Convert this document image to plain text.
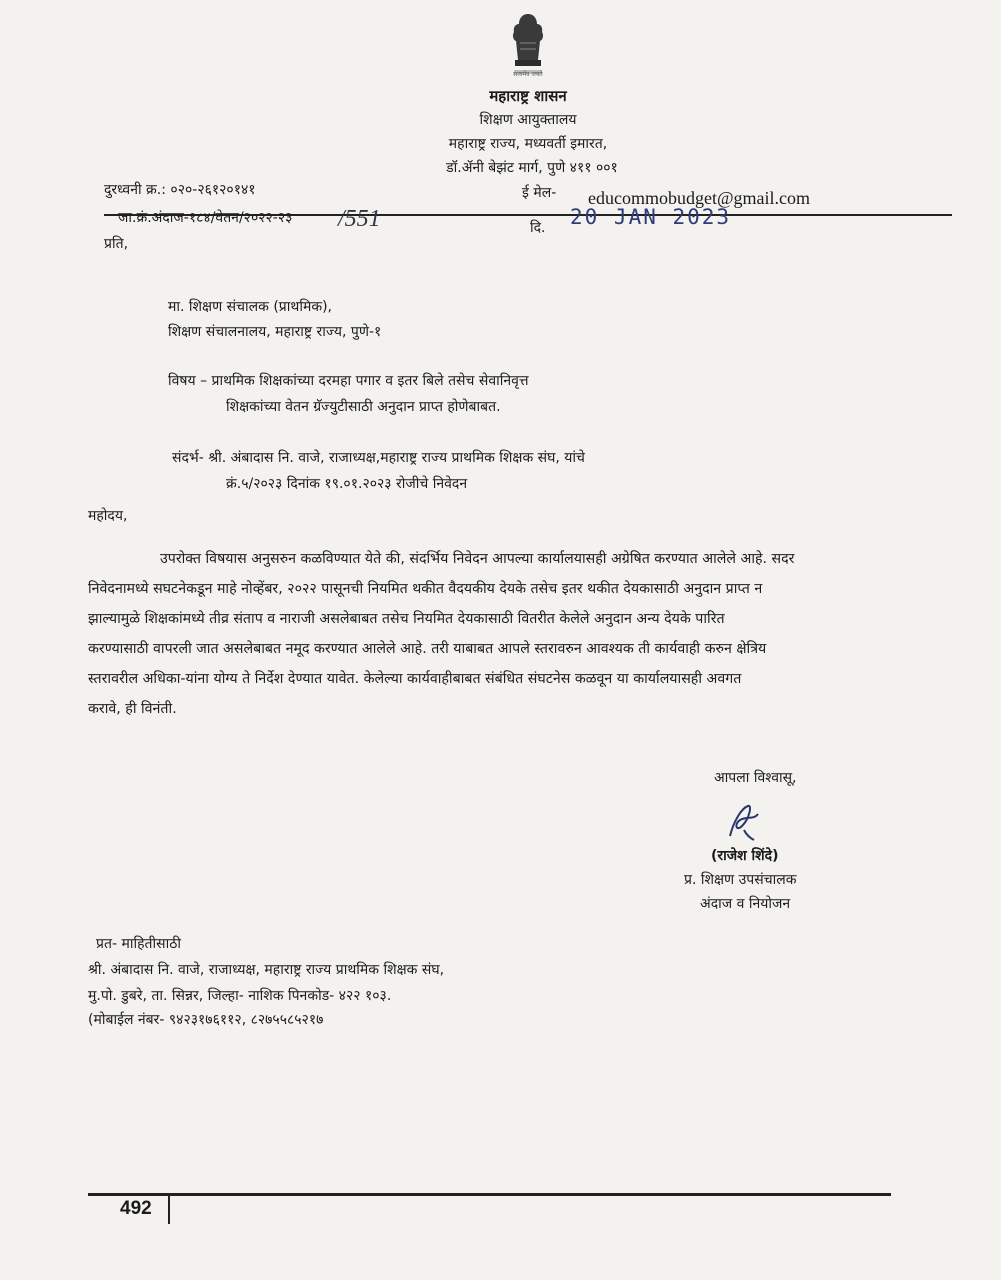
सत्यमेव जयते
महाराष्ट्र शासन
शिक्षण आयुक्तालय
महाराष्ट्र राज्य, मध्यवर्ती इमारत,
डॉ.ॲनी बेझंट मार्ग, पुणे ४११ ००१
दुरध्वनी क्र.: ०२०-२६१२०१४१	ई मेल- educommobudget@gmail.com
जा.क्रं.अंदाज-१८४/वेतन/२०२२-२३ /551	दि. 20 JAN 2023
प्रति,
मा. शिक्षण संचालक (प्राथमिक),
शिक्षण संचालनालय, महाराष्ट्र राज्य, पुणे-१
विषय – प्राथमिक शिक्षकांच्या दरमहा पगार व इतर बिले तसेच सेवानिवृत्त
शिक्षकांच्या वेतन ग्रॅज्युटीसाठी अनुदान प्राप्त होणेबाबत.
संदर्भ- श्री. अंबादास नि. वाजे, राजाध्यक्ष,महाराष्ट्र राज्य प्राथमिक शिक्षक संघ, यांचे
क्रं.५/२०२३ दिनांक १९.०१.२०२३ रोजीचे निवेदन
महोदय,
उपरोक्त विषयास अनुसरुन कळविण्यात येते की, संदर्भिय निवेदन आपल्या कार्यालयासही अग्रेषित करण्यात आलेले आहे. सदर
निवेदनामध्ये सघटनेकडून माहे नोव्हेंबर, २०२२ पासूनची नियमित थकीत वैदयकीय देयके तसेच इतर थकीत देयकासाठी अनुदान प्राप्त न
झाल्यामुळे शिक्षकांमध्ये तीव्र संताप व नाराजी असलेबाबत तसेच नियमित देयकासाठी वितरीत केलेले अनुदान अन्य देयके पारित
करण्यासाठी वापरली जात असलेबाबत नमूद करण्यात आलेले आहे. तरी याबाबत आपले स्तरावरुन आवश्यक ती कार्यवाही करुन क्षेत्रिय
स्तरावरील अधिका-यांना योग्य ते निर्देश देण्यात यावेत. केलेल्या कार्यवाहीबाबत संबंधित संघटनेस कळवून या कार्यालयासही अवगत
करावे, ही विनंती.
आपला विश्वासू,
(राजेश शिंदे)
प्र. शिक्षण उपसंचालक
अंदाज व नियोजन
प्रत- माहितीसाठी
श्री. अंबादास नि. वाजे, राजाध्यक्ष, महाराष्ट्र राज्य प्राथमिक शिक्षक संघ,
मु.पो. डुबरे, ता. सिन्नर, जिल्हा- नाशिक पिनकोड- ४२२ १०३.
(मोबाईल नंबर- ९४२३१७६११२, ८२७५५८५२१७
492
